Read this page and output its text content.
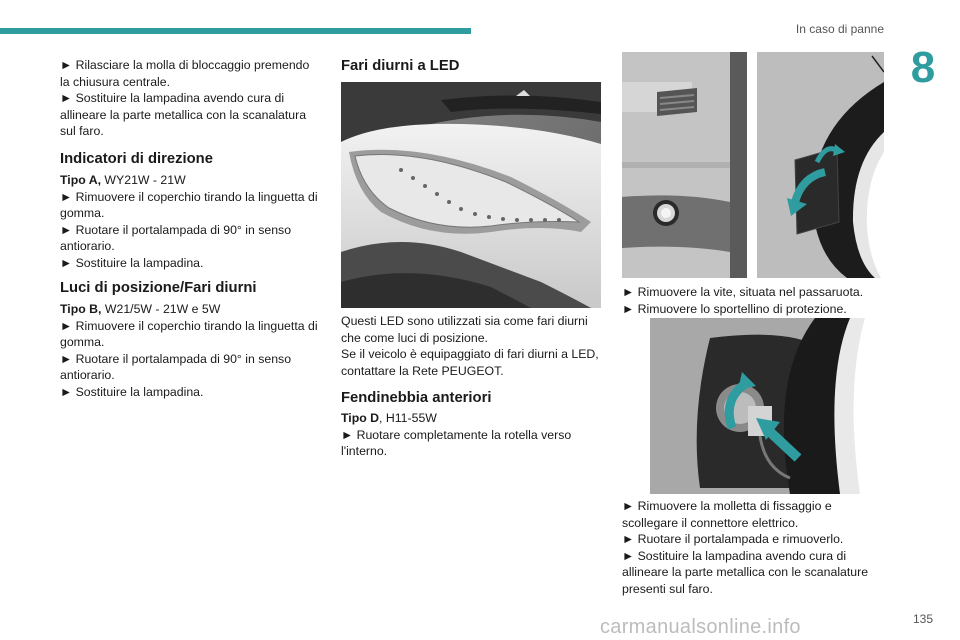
In caso di panne
8

► Rilasciare la molla di bloccaggio premendo la chiusura centrale.
► Sostituire la lampadina avendo cura di allineare la parte metallica con la scanalatura sul faro.

Indicatori di direzione

Tipo A, WY21W - 21W
► Rimuovere il coperchio tirando la linguetta di gomma.
► Ruotare il portalampada di 90° in senso antiorario.
► Sostituire la lampadina.

Luci di posizione/Fari diurni

Tipo B, W21/5W - 21W e 5W
► Rimuovere il coperchio tirando la linguetta di gomma.
► Ruotare il portalampada di 90° in senso antiorario.
► Sostituire la lampadina.

Fari diurni a LED

Questi LED sono utilizzati sia come fari diurni che come luci di posizione.
Se il veicolo è equipaggiato di fari diurni a LED, contattare la Rete PEUGEOT.

Fendinebbia anteriori

Tipo D, H11-55W
► Ruotare completamente la rotella verso l'interno.

► Rimuovere la vite, situata nel passaruota.
► Rimuovere lo sportellino di protezione.

► Rimuovere la molletta di fissaggio e scollegare il connettore elettrico.
► Ruotare il portalampada e rimuoverlo.
► Sostituire la lampadina avendo cura di allineare la parte metallica con le scanalature presenti sul faro.

135
carmanualsonline.info
